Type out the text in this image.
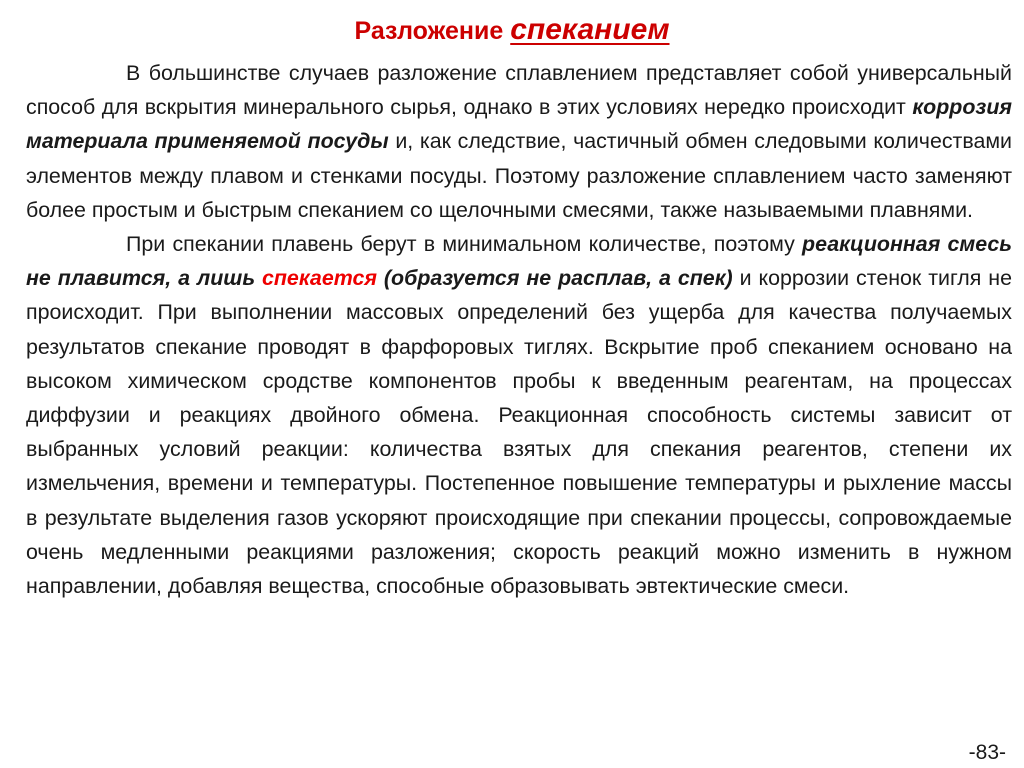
Разложение спеканием

В большинстве случаев разложение сплавлением представляет собой универсальный способ для вскрытия минерального сырья, однако в этих условиях нередко происходит коррозия материала применяемой посуды и, как следствие, частичный обмен следовыми количествами элементов между плавом и стенками посуды. Поэтому разложение сплавлением часто заменяют более простым и быстрым спеканием со щелочными смесями, также называемыми плавнями.

При спекании плавень берут в минимальном количестве, поэтому реакционная смесь не плавится, а лишь спекается (образуется не расплав, а спек) и коррозии стенок тигля не происходит. При выполнении массовых определений без ущерба для качества получаемых результатов спекание проводят в фарфоровых тиглях. Вскрытие проб спеканием основано на высоком химическом сродстве компонентов пробы к введенным реагентам, на процессах диффузии и реакциях двойного обмена. Реакционная способность системы зависит от выбранных условий реакции: количества взятых для спекания реагентов, степени их измельчения, времени и температуры. Постепенное повышение температуры и рыхление массы в результате выделения газов ускоряют происходящие при спекании процессы, сопровождаемые очень медленными реакциями разложения; скорость реакций можно изменить в нужном направлении, добавляя вещества, способные образовывать эвтектические смеси.

-83-
